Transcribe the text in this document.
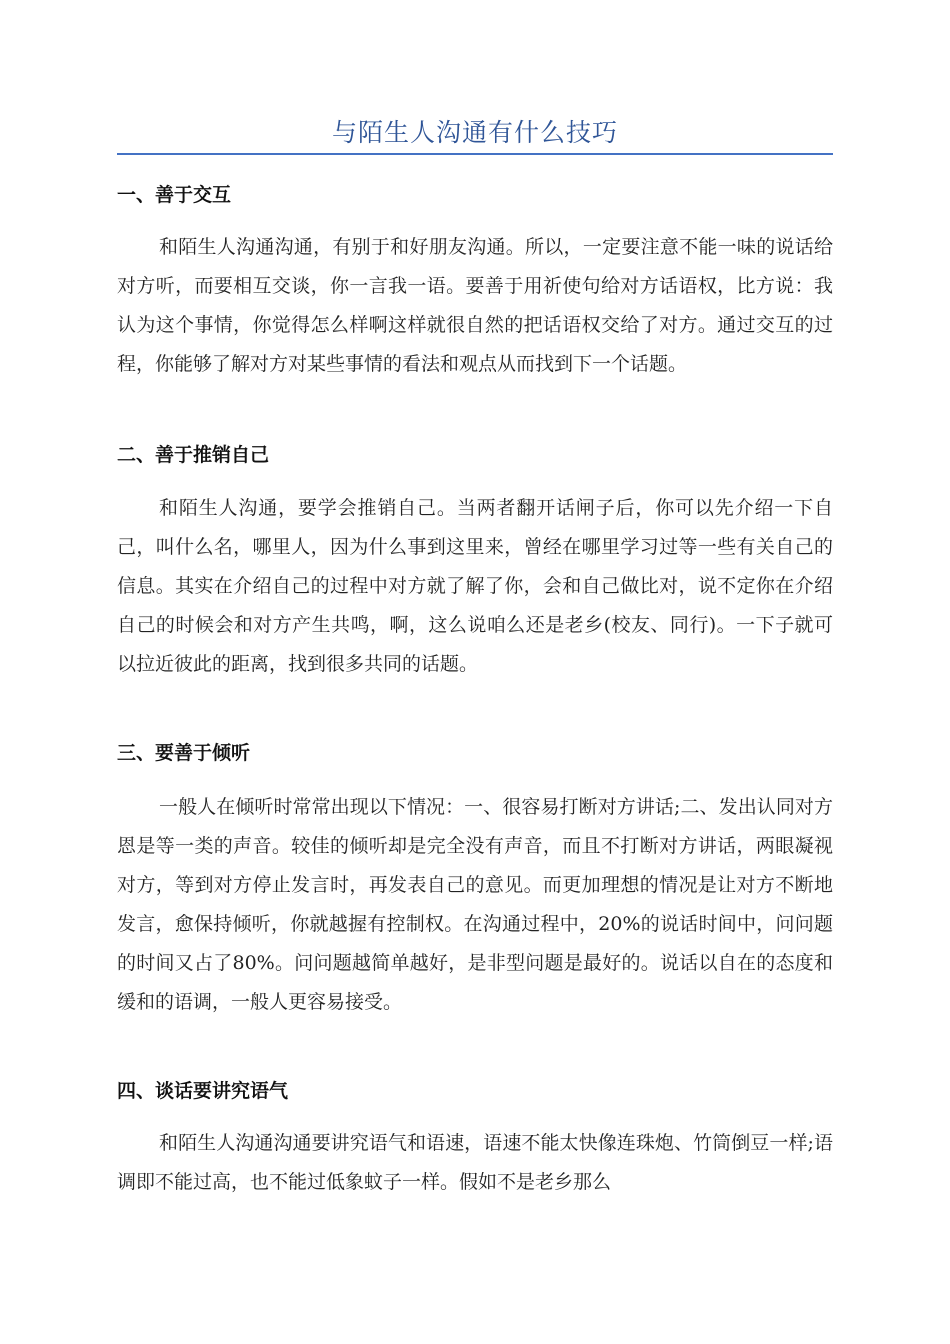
与陌生人沟通有什么技巧
一、善于交互

和陌生人沟通沟通，有别于和好朋友沟通。所以，一定要注意不能一味的说话给对方听，而要相互交谈，你一言我一语。要善于用祈使句给对方话语权，比方说：我认为这个事情，你觉得怎么样啊这样就很自然的把话语权交给了对方。通过交互的过程，你能够了解对方对某些事情的看法和观点从而找到下一个话题。

二、善于推销自己

和陌生人沟通，要学会推销自己。当两者翻开话闸子后，你可以先介绍一下自己，叫什么名，哪里人，因为什么事到这里来，曾经在哪里学习过等一些有关自己的信息。其实在介绍自己的过程中对方就了解了你，会和自己做比对，说不定你在介绍自己的时候会和对方产生共鸣，啊，这么说咱么还是老乡(校友、同行)。一下子就可以拉近彼此的距离，找到很多共同的话题。

三、要善于倾听

一般人在倾听时常常出现以下情况：一、很容易打断对方讲话;二、发出认同对方恩是等一类的声音。较佳的倾听却是完全没有声音，而且不打断对方讲话，两眼凝视对方，等到对方停止发言时，再发表自己的意见。而更加理想的情况是让对方不断地发言，愈保持倾听，你就越握有控制权。在沟通过程中，20%的说话时间中，问问题的时间又占了80%。问问题越简单越好，是非型问题是最好的。说话以自在的态度和缓和的语调，一般人更容易接受。

四、谈话要讲究语气

和陌生人沟通沟通要讲究语气和语速，语速不能太快像连珠炮、竹筒倒豆一样;语调即不能过高，也不能过低象蚊子一样。假如不是老乡那么
